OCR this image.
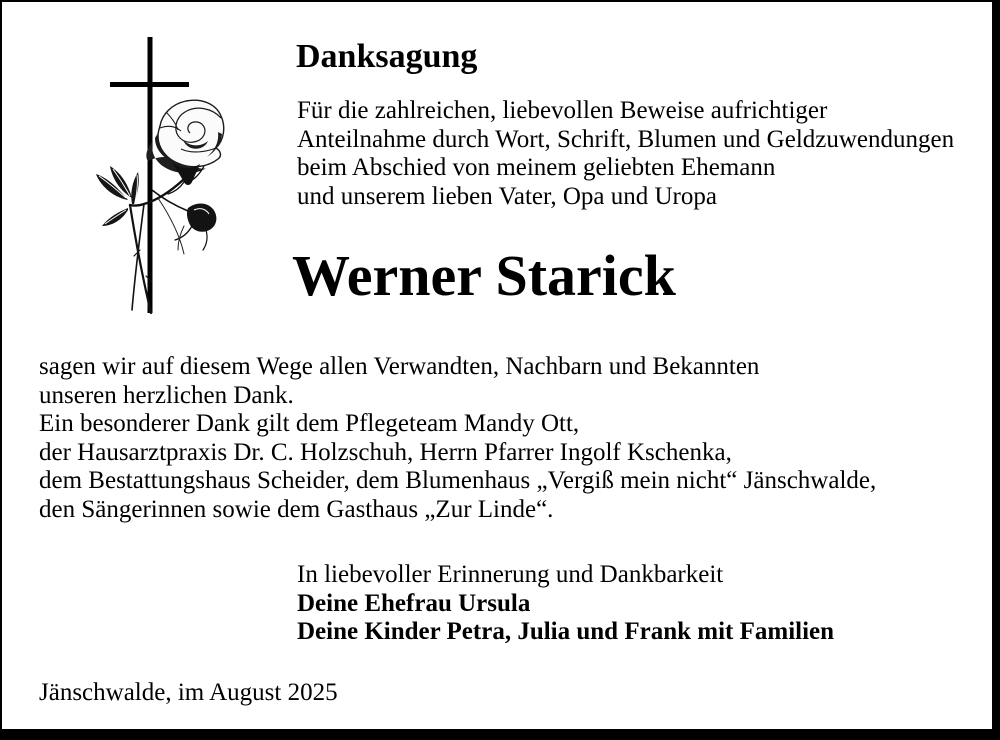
Danksagung
Für die zahlreichen, liebevollen Beweise aufrichtiger
Anteilnahme durch Wort, Schrift, Blumen und Geldzuwendungen
beim Abschied von meinem geliebten Ehemann
und unserem lieben Vater, Opa und Uropa
Werner Starick
sagen wir auf diesem Wege allen Verwandten, Nachbarn und Bekannten
unseren herzlichen Dank.
Ein besonderer Dank gilt dem Pflegeteam Mandy Ott,
der Hausarztpraxis Dr. C. Holzschuh, Herrn Pfarrer Ingolf Kschenka,
dem Bestattungshaus Scheider, dem Blumenhaus „Vergiß mein nicht“ Jänschwalde,
den Sängerinnen sowie dem Gasthaus „Zur Linde“.
In liebevoller Erinnerung und Dankbarkeit
Deine Ehefrau Ursula
Deine Kinder Petra, Julia und Frank mit Familien
Jänschwalde, im August 2025
